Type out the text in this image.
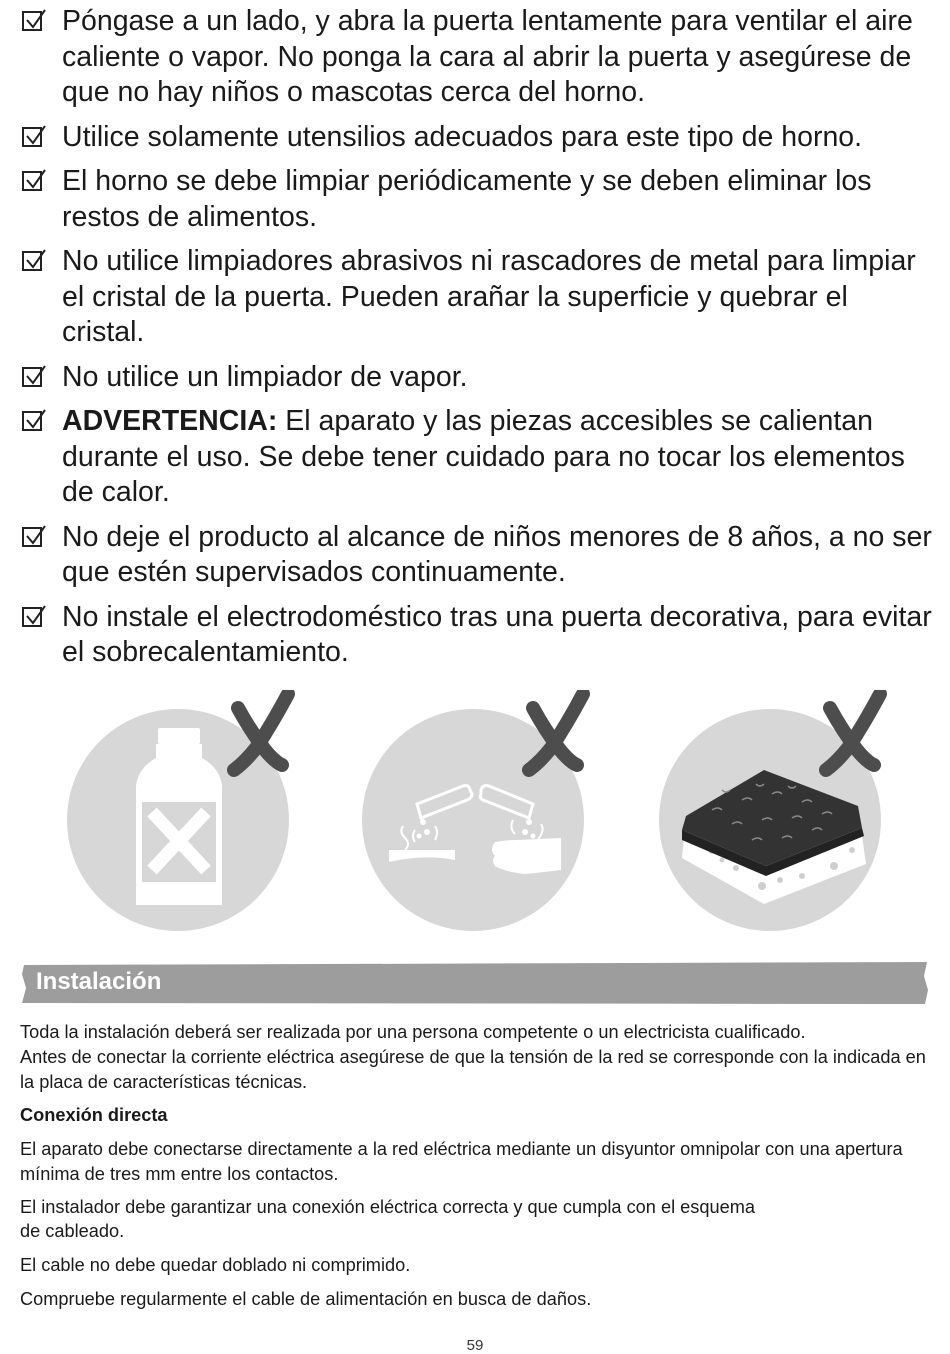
Póngase a un lado, y abra la puerta lentamente para ventilar el aire caliente o vapor. No ponga la cara al abrir la puerta y asegúrese de que no hay niños o mascotas cerca del horno.
Utilice solamente utensilios adecuados para este tipo de horno.
El horno se debe limpiar periódicamente y se deben eliminar los restos de alimentos.
No utilice limpiadores abrasivos ni rascadores de metal para limpiar el cristal de la puerta. Pueden arañar la superficie y quebrar el cristal.
No utilice un limpiador de vapor.
ADVERTENCIA: El aparato y las piezas accesibles se calientan durante el uso. Se debe tener cuidado para no tocar los elementos de calor.
No deje el producto al alcance de niños menores de 8 años, a no ser que estén supervisados continuamente.
No instale el electrodoméstico tras una puerta decorativa, para evitar el sobrecalentamiento.
Instalación
Toda la instalación deberá ser realizada por una persona competente o un electricista cualificado.
Antes de conectar la corriente eléctrica asegúrese de que la tensión de la red se corresponde con la indicada en la placa de características técnicas.
Conexión directa
El aparato debe conectarse directamente a la red eléctrica mediante un disyuntor omnipolar con una apertura mínima de tres mm entre los contactos.
El instalador debe garantizar una conexión eléctrica correcta y que cumpla con el esquema
de cableado.
El cable no debe quedar doblado ni comprimido.
Compruebe regularmente el cable de alimentación en busca de daños.
59
